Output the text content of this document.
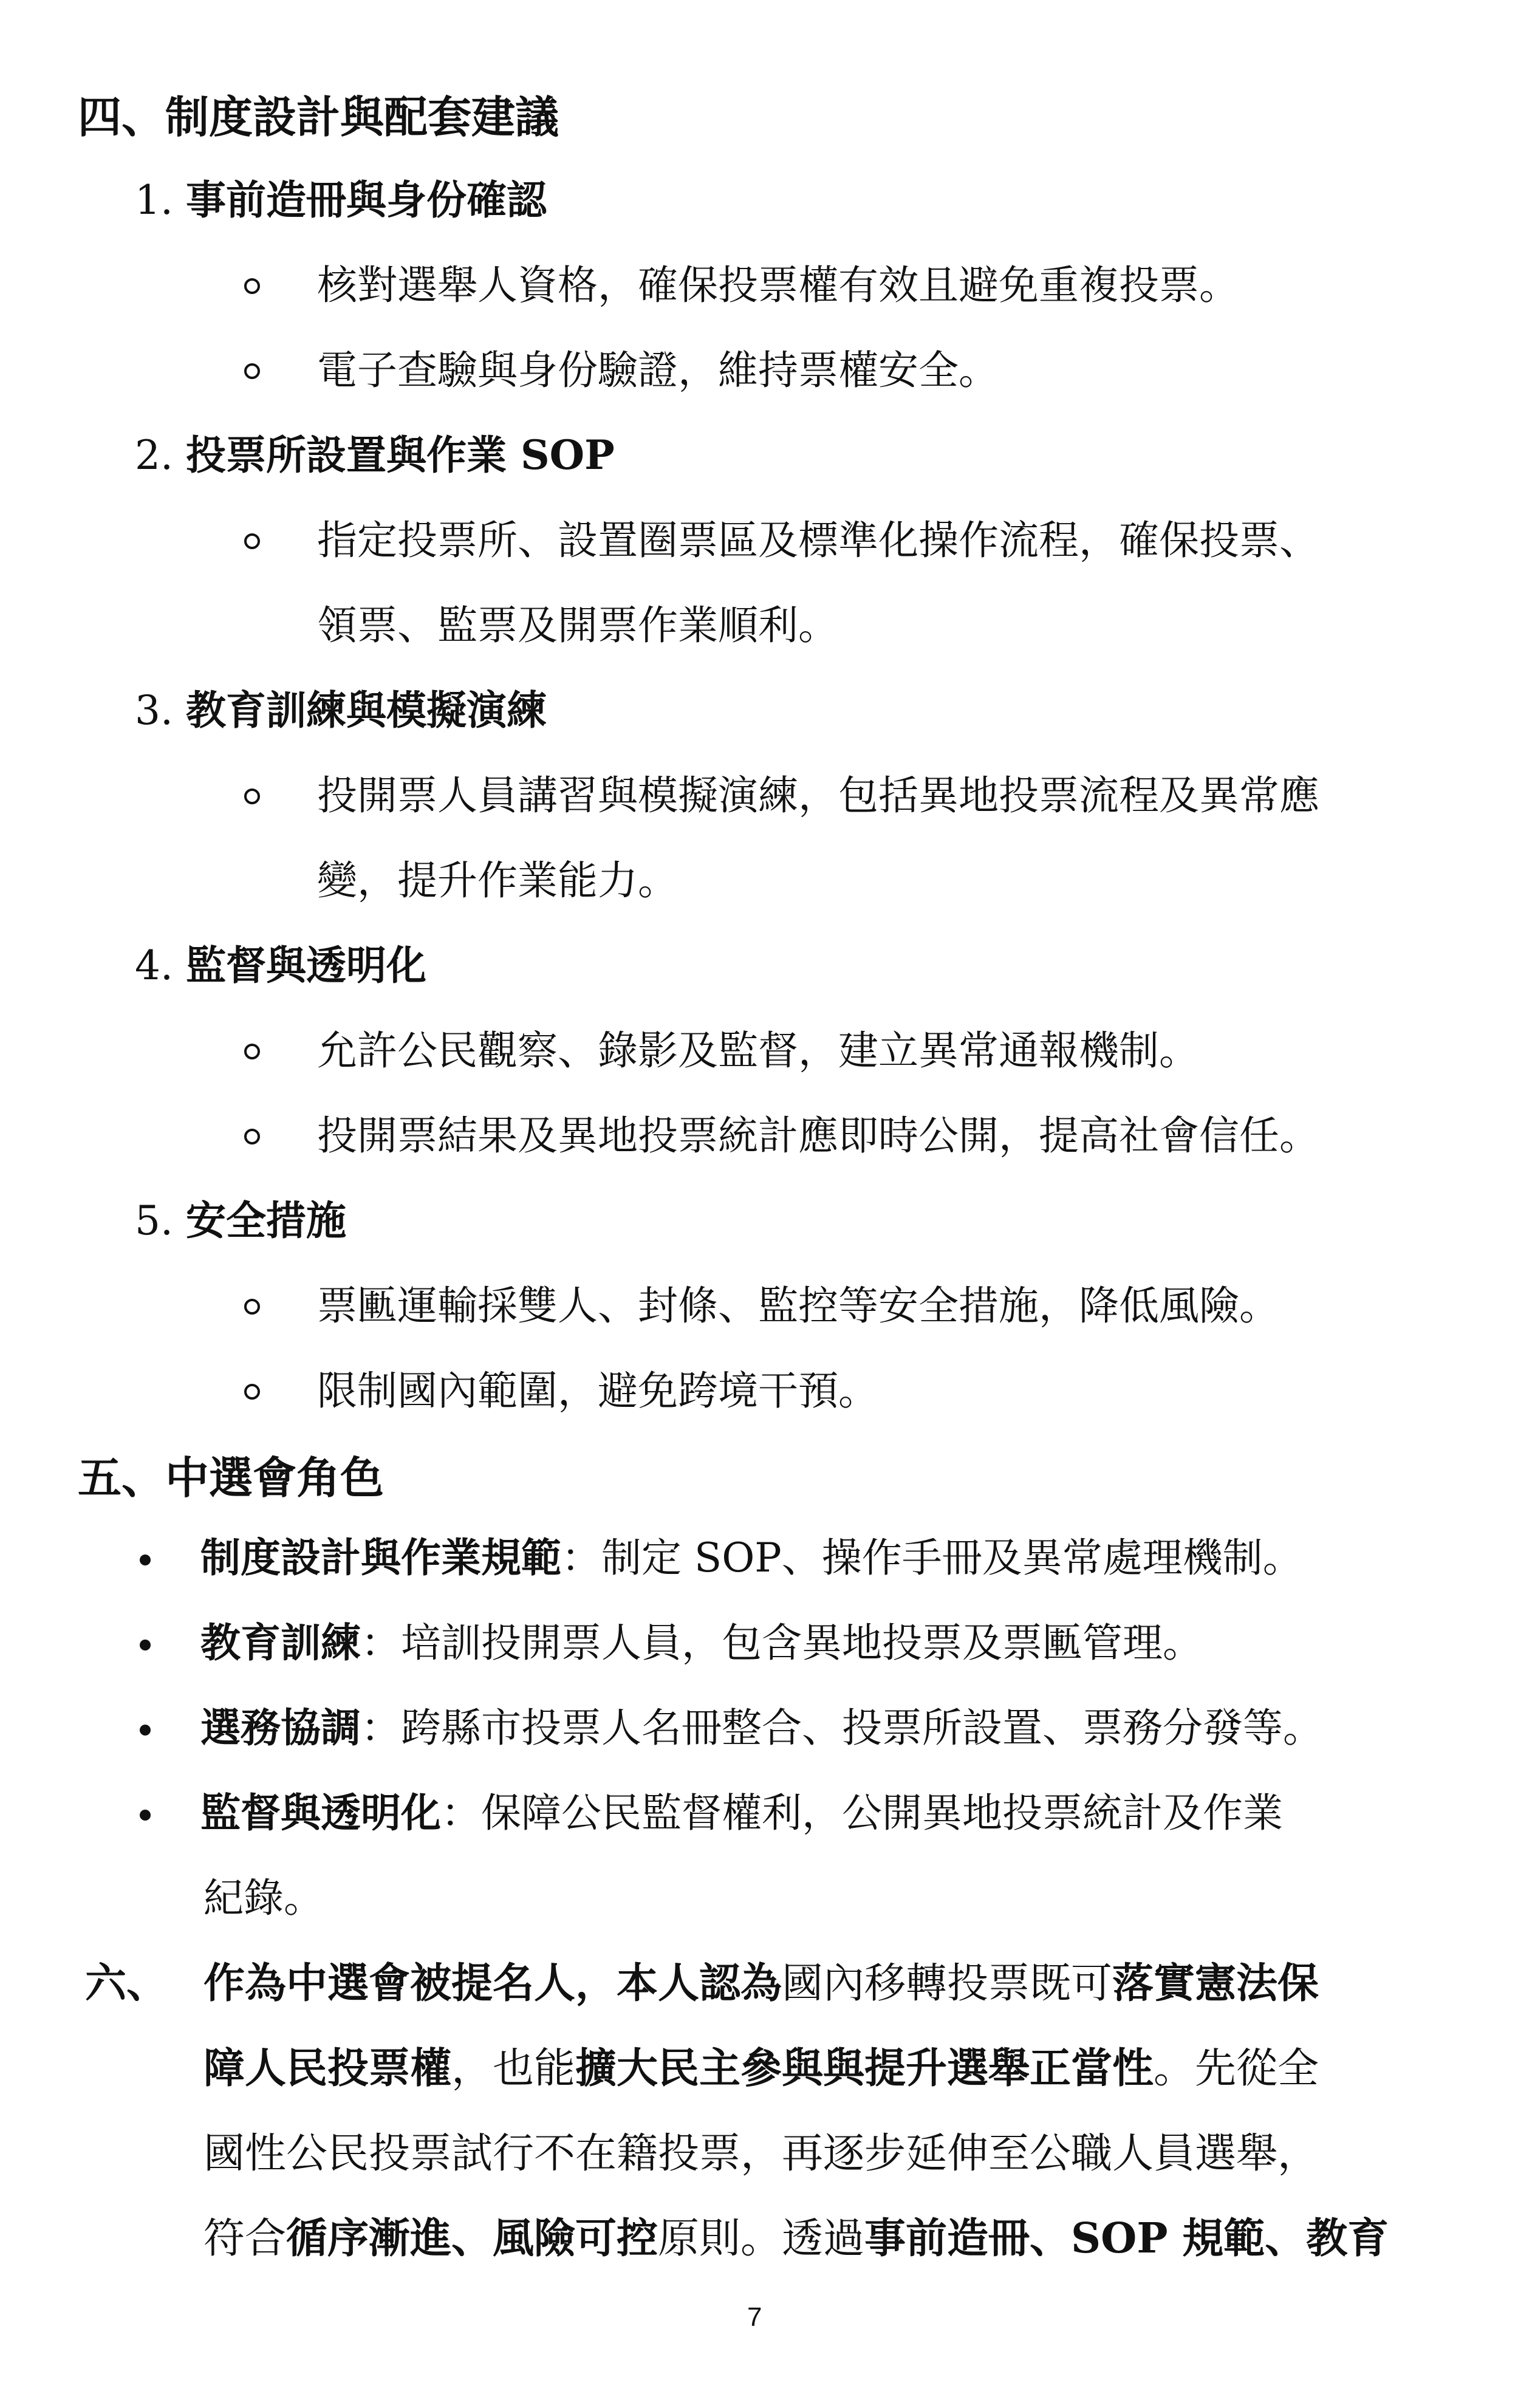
四、制度設計與配套建議
1. 事前造冊與身份確認
核對選舉人資格，確保投票權有效且避免重複投票。
電子查驗與身份驗證，維持票權安全。
2. 投票所設置與作業 SOP
指定投票所、設置圈票區及標準化操作流程，確保投票、
領票、監票及開票作業順利。
3. 教育訓練與模擬演練
投開票人員講習與模擬演練，包括異地投票流程及異常應
變，提升作業能力。
4. 監督與透明化
允許公民觀察、錄影及監督，建立異常通報機制。
投開票結果及異地投票統計應即時公開，提高社會信任。
5. 安全措施
票匭運輸採雙人、封條、監控等安全措施，降低風險。
限制國內範圍，避免跨境干預。
五、中選會角色
制度設計與作業規範：制定 SOP、操作手冊及異常處理機制。
教育訓練：培訓投開票人員，包含異地投票及票匭管理。
選務協調：跨縣市投票人名冊整合、投票所設置、票務分發等。
監督與透明化：保障公民監督權利，公開異地投票統計及作業
紀錄。
六、 作為中選會被提名人，本人認為國內移轉投票既可落實憲法保
障人民投票權，也能擴大民主參與與提升選舉正當性。先從全
國性公民投票試行不在籍投票，再逐步延伸至公職人員選舉，
符合循序漸進、風險可控原則。透過事前造冊、SOP 規範、教育
7
